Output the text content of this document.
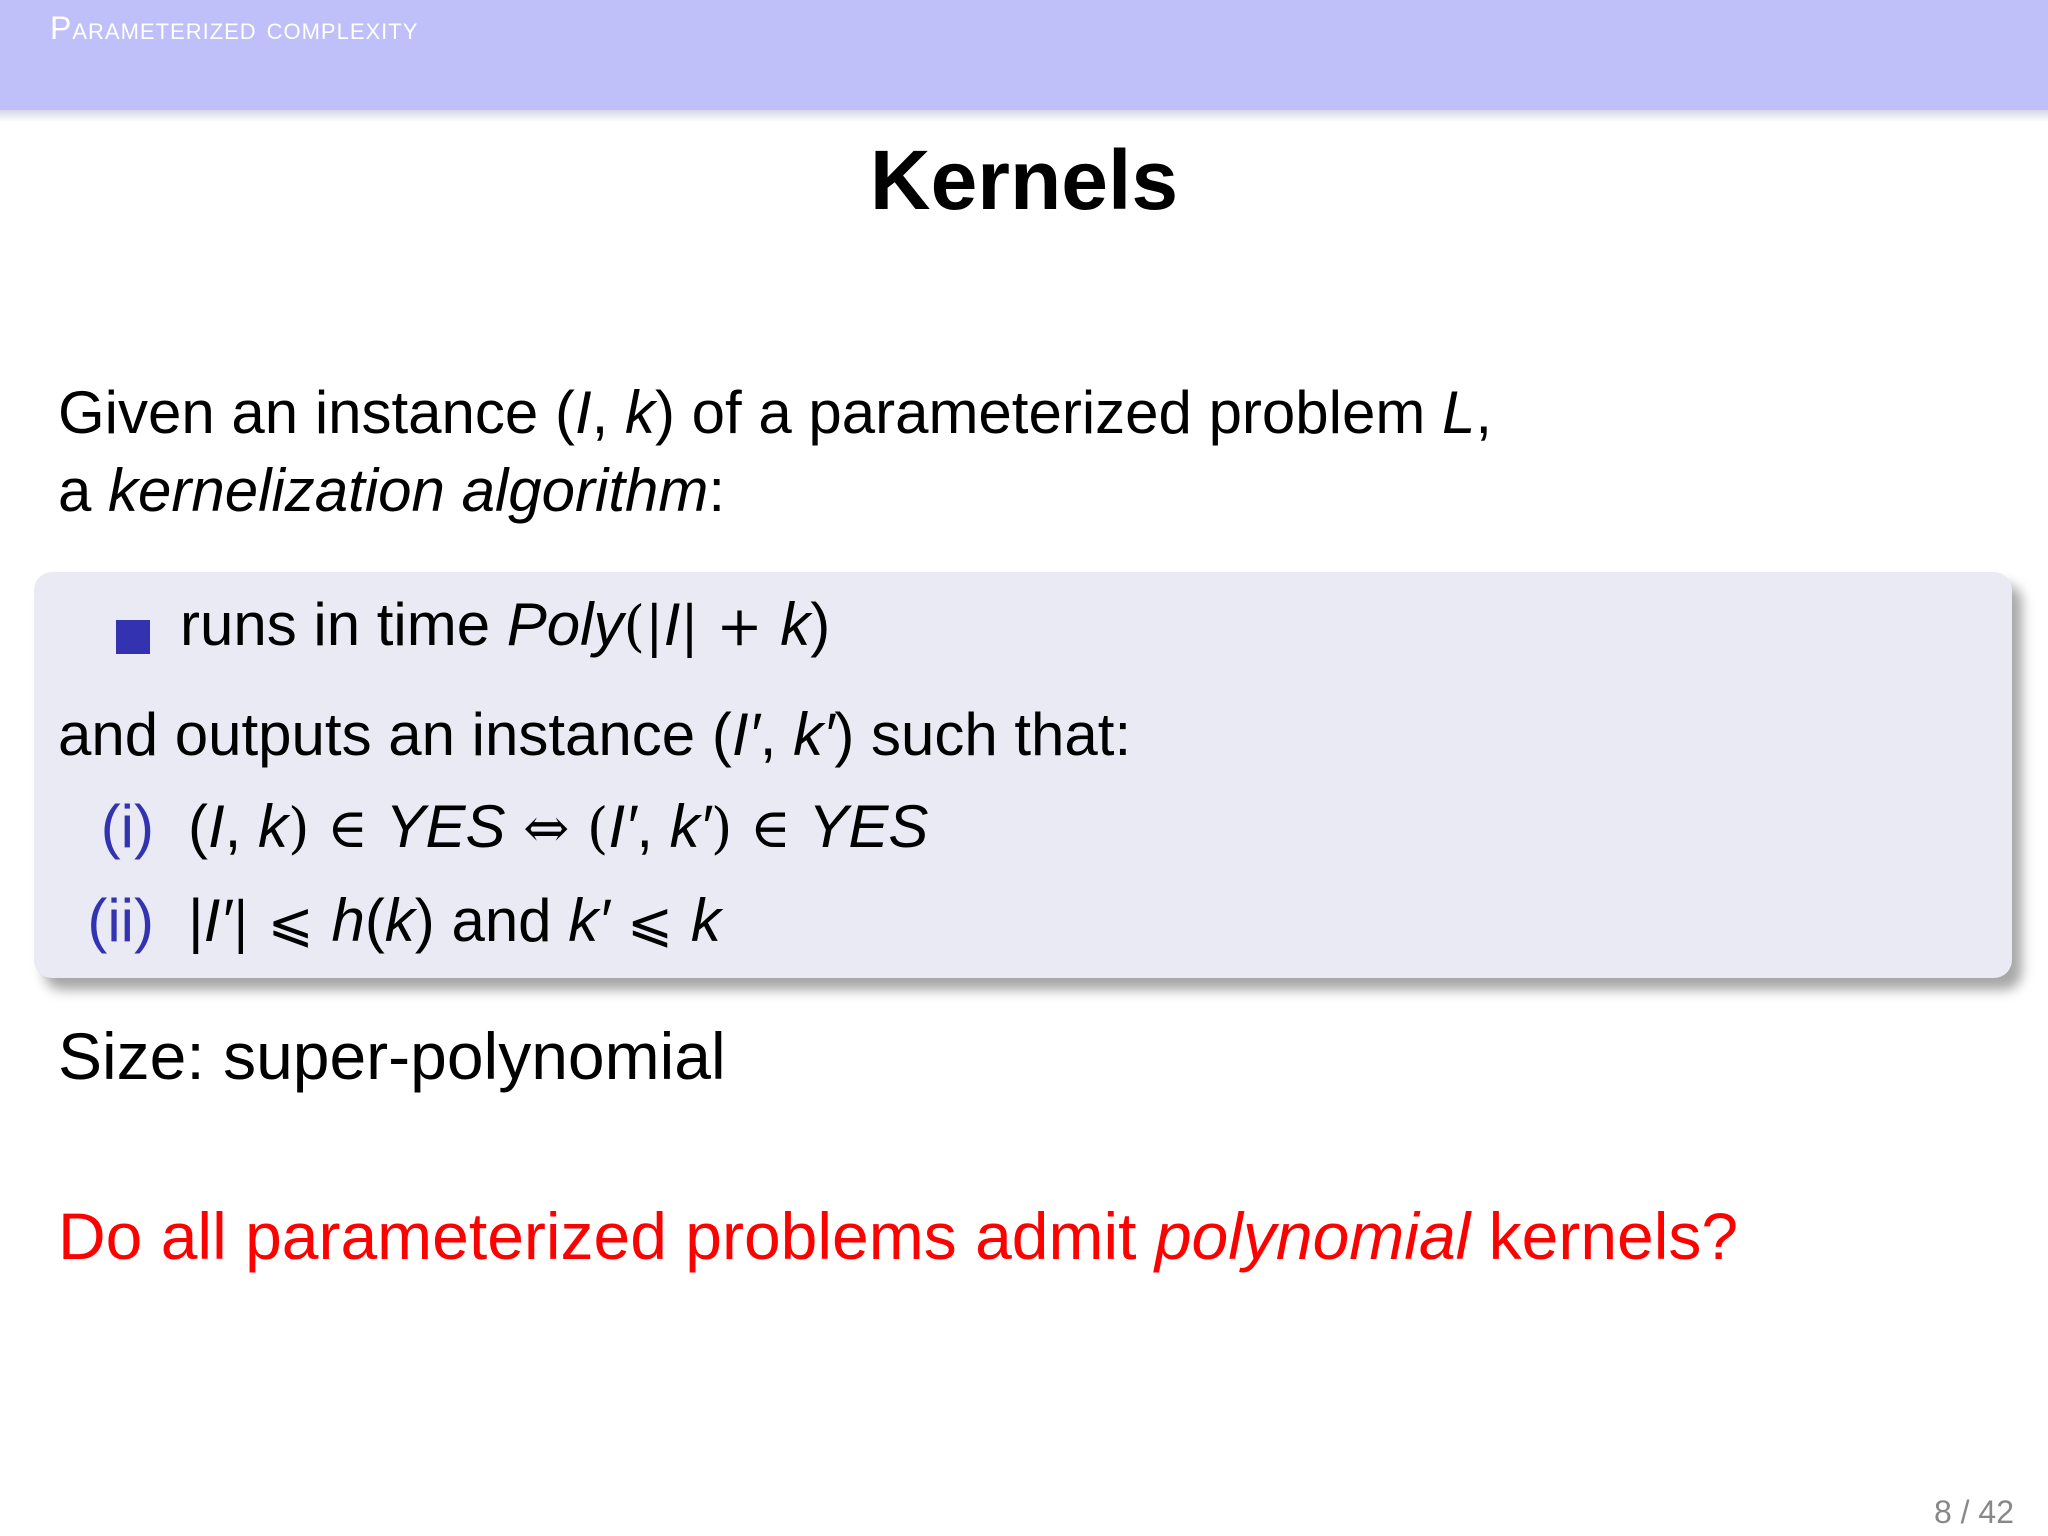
Parameterized complexity
Kernels
Given an instance (I, k) of a parameterized problem L,
a kernelization algorithm:
runs in time Poly(|I| + k)
and outputs an instance (I′, k′) such that:
(i) (I, k) ∈ YES ⇔ (I′, k′) ∈ YES
(ii) |I′| ⩽ h(k) and k′ ⩽ k
Size: super-polynomial
Do all parameterized problems admit polynomial kernels?
8 / 42
